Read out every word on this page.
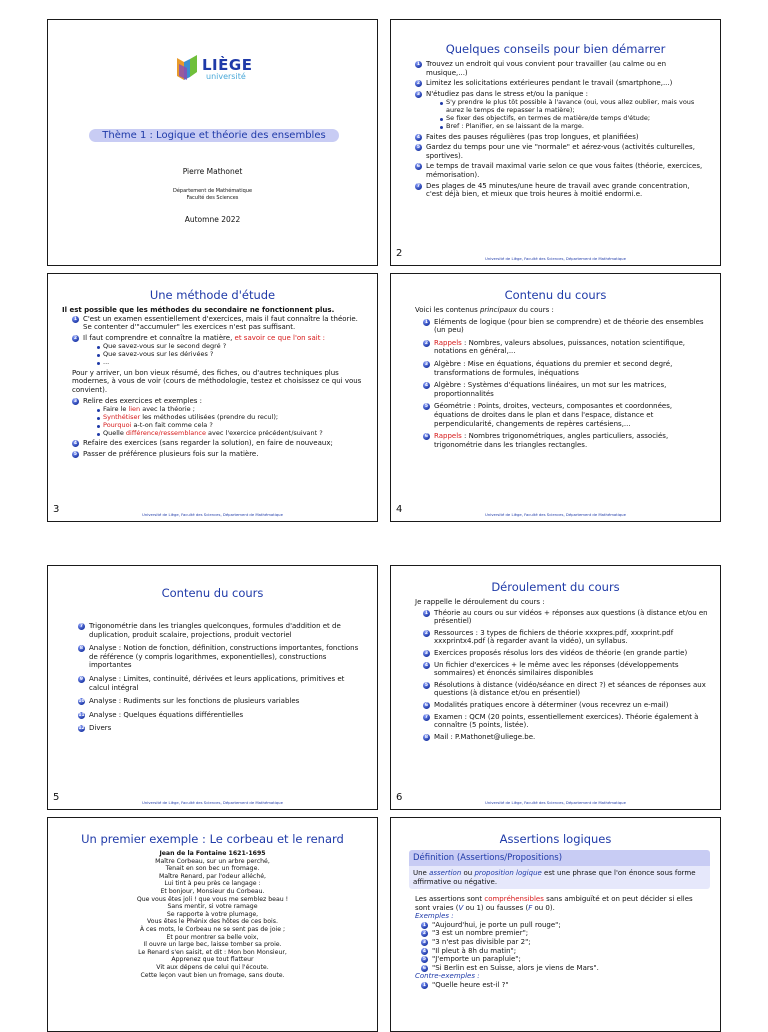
LIÈGE
université
Thème 1 : Logique et théorie des ensembles
Pierre Mathonet
Département de Mathématique
Faculté des Sciences
Automne 2022
Quelques conseils pour bien démarrer
1 Trouvez un endroit qui vous convient pour travailler (au calme ou en musique,...)
2 Limitez les solicitations extérieures pendant le travail (smartphone,...)
3 N'étudiez pas dans le stress et/ou la panique :
S'y prendre le plus tôt possible à l'avance (oui, vous allez oublier, mais vous aurez le temps de repasser la matière);
Se fixer des objectifs, en termes de matière/de temps d'étude;
Bref : Planifier, en se laissant de la marge.
4 Faites des pauses régulières (pas trop longues, et planifiées)
5 Gardez du temps pour une vie "normale" et aérez-vous (activités culturelles, sportives).
6 Le temps de travail maximal varie selon ce que vous faites (théorie, exercices, mémorisation).
7 Des plages de 45 minutes/une heure de travail avec grande concentration, c'est déjà bien, et mieux que trois heures à moitié endormi.e.
2	Université de Liège, Faculté des Sciences, Département de Mathématique
Une méthode d'étude
Il est possible que les méthodes du secondaire ne fonctionnent plus.
1 C'est un examen essentiellement d'exercices, mais il faut connaître la théorie. Se contenter d'"accumuler" les exercices n'est pas suffisant.
2 Il faut comprendre et connaître la matière, et savoir ce que l'on sait :
Que savez-vous sur le second degré ?
Que savez-vous sur les dérivées ?
...
Pour y arriver, un bon vieux résumé, des fiches, ou d'autres techniques plus modernes, à vous de voir (cours de méthodologie, testez et choisissez ce qui vous convient).
3 Relire des exercices et exemples :
Faire le lien avec la théorie ;
Synthétiser les méthodes utilisées (prendre du recul);
Pourquoi a-t-on fait comme cela ?
Quelle différence/ressemblance avec l'exercice précédent/suivant ?
4 Refaire des exercices (sans regarder la solution), en faire de nouveaux;
5 Passer de préférence plusieurs fois sur la matière.
3	Université de Liège, Faculté des Sciences, Département de Mathématique
Contenu du cours
Voici les contenus principaux du cours :
1 Eléments de logique (pour bien se comprendre) et de théorie des ensembles (un peu)
2 Rappels : Nombres, valeurs absolues, puissances, notation scientifique, notations en général,...
3 Algèbre : Mise en équations, équations du premier et second degré, transformations de formules, inéquations
4 Algèbre : Systèmes d'équations linéaires, un mot sur les matrices, proportionnalités
5 Géométrie : Points, droites, vecteurs, composantes et coordonnées, équations de droites dans le plan et dans l'espace, distance et perpendicularité, changements de repères cartésiens,...
6 Rappels : Nombres trigonométriques, angles particuliers, associés, trigonométrie dans les triangles rectangles.
4	Université de Liège, Faculté des Sciences, Département de Mathématique
Contenu du cours
7 Trigonométrie dans les triangles quelconques, formules d'addition et de duplication, produit scalaire, projections, produit vectoriel
8 Analyse : Notion de fonction, définition, constructions importantes, fonctions de référence (y compris logarithmes, exponentielles), constructions importantes
9 Analyse : Limites, continuité, dérivées et leurs applications, primitives et calcul intégral
10 Analyse : Rudiments sur les fonctions de plusieurs variables
11 Analyse : Quelques équations différentielles
12 Divers
5	Université de Liège, Faculté des Sciences, Département de Mathématique
Déroulement du cours
Je rappelle le déroulement du cours :
1 Théorie au cours ou sur vidéos + réponses aux questions (à distance et/ou en présentiel)
2 Ressources : 3 types de fichiers de théorie xxxpres.pdf, xxxprint.pdf xxxprintx4.pdf (à regarder avant la vidéo), un syllabus.
3 Exercices proposés résolus lors des vidéos de théorie (en grande partie)
4 Un fichier d'exercices + le même avec les réponses (développements sommaires) et énoncés similaires disponibles
5 Résolutions à distance (vidéo/séance en direct ?) et séances de réponses aux questions (à distance et/ou en présentiel)
6 Modalités pratiques encore à déterminer (vous recevrez un e-mail)
7 Examen : QCM (20 points, essentiellement exercices). Théorie également à connaître (5 points, listée).
8 Mail : P.Mathonet@uliege.be.
6	Université de Liège, Faculté des Sciences, Département de Mathématique
Un premier exemple : Le corbeau et le renard
Jean de la Fontaine 1621-1695
Maître Corbeau, sur un arbre perché,
Tenait en son bec un fromage.
Maître Renard, par l'odeur alléché,
Lui tint à peu près ce langage :
Et bonjour, Monsieur du Corbeau.
Que vous êtes joli ! que vous me semblez beau !
Sans mentir, si votre ramage
Se rapporte à votre plumage,
Vous êtes le Phénix des hôtes de ces bois.
À ces mots, le Corbeau ne se sent pas de joie ;
Et pour montrer sa belle voix,
Il ouvre un large bec, laisse tomber sa proie.
Le Renard s'en saisit, et dit : Mon bon Monsieur,
Apprenez que tout flatteur
Vit aux dépens de celui qui l'écoute.
Cette leçon vaut bien un fromage, sans doute.
Assertions logiques
Définition (Assertions/Propositions)
Une assertion ou proposition logique est une phrase que l'on énonce sous forme affirmative ou négative.
Les assertions sont compréhensibles sans ambiguïté et on peut décider si elles sont vraies (V ou 1) ou fausses (F ou 0).
Exemples :
1 "Aujourd'hui, je porte un pull rouge";
2 "3 est un nombre premier";
3 "3 n'est pas divisible par 2";
4 "Il pleut à 8h du matin";
5 "J'emporte un parapluie";
6 "Si Berlin est en Suisse, alors je viens de Mars".
Contre-exemples :
1 "Quelle heure est-il ?"
